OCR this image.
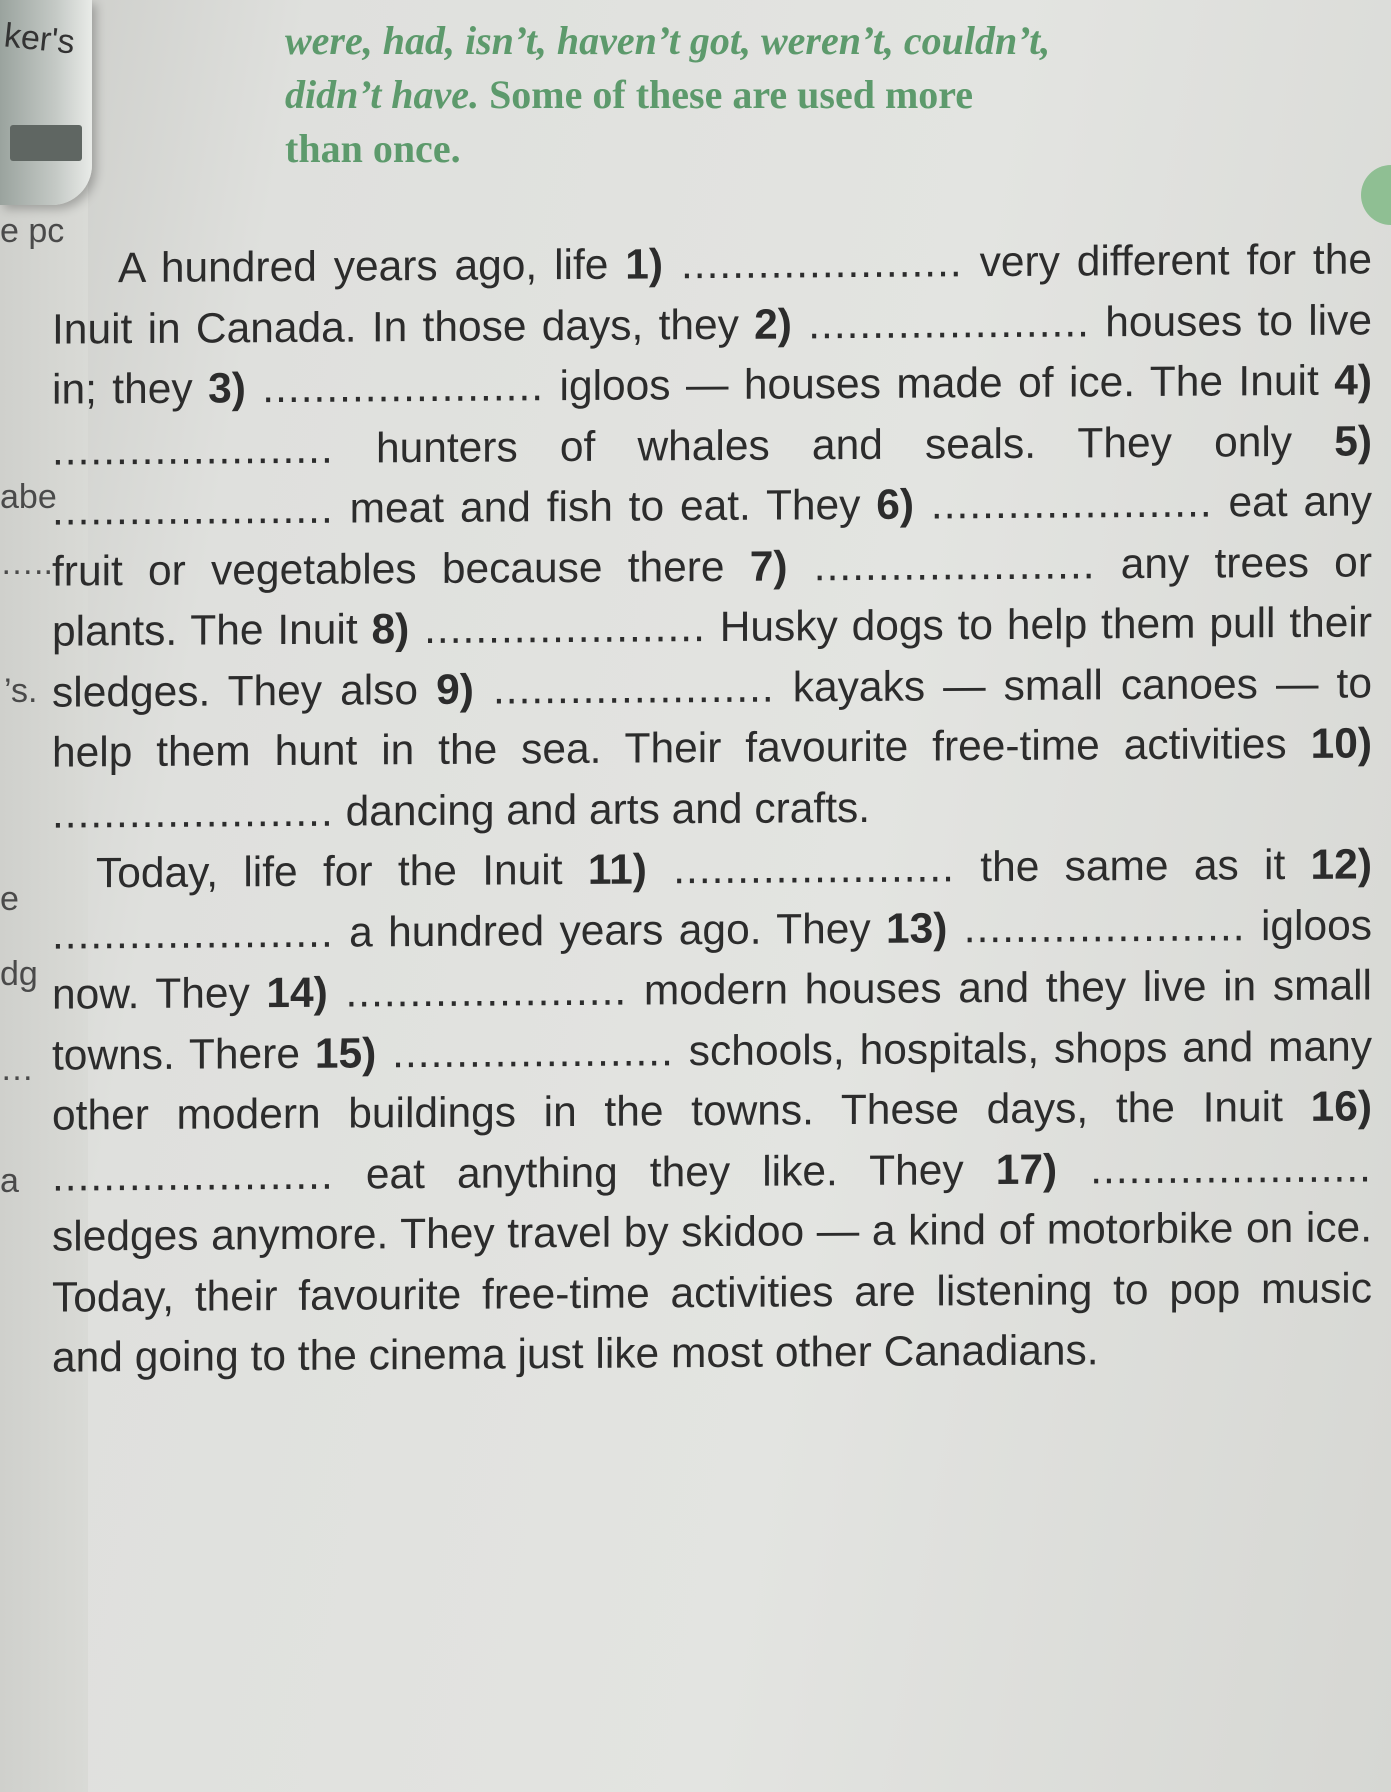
ker's
e pc
abe
…..
’s.
e
dg
…
a
were, had, isn’t, haven’t got, weren’t, couldn’t,
didn’t have. Some of these are used more
than once.

A hundred years ago, life 1) ...................... very different for the Inuit in Canada. In those days, they 2) ...................... houses to live in; they 3) ...................... igloos — houses made of ice. The Inuit 4) ...................... hunters of whales and seals. They only 5) ...................... meat and fish to eat. They 6) ...................... eat any fruit or vegetables because there 7) ...................... any trees or plants. The Inuit 8) ...................... Husky dogs to help them pull their sledges. They also 9) ...................... kayaks — small canoes — to help them hunt in the sea. Their favourite free-time activities 10) ...................... dancing and arts and crafts.

Today, life for the Inuit 11) ...................... the same as it 12) ...................... a hundred years ago. They 13) ...................... igloos now. They 14) ...................... modern houses and they live in small towns. There 15) ...................... schools, hospitals, shops and many other modern buildings in the towns. These days, the Inuit 16) ...................... eat anything they like. They 17) ...................... sledges anymore. They travel by skidoo — a kind of motorbike on ice. Today, their favourite free-time activities are listening to pop music and going to the cinema just like most other Canadians.
